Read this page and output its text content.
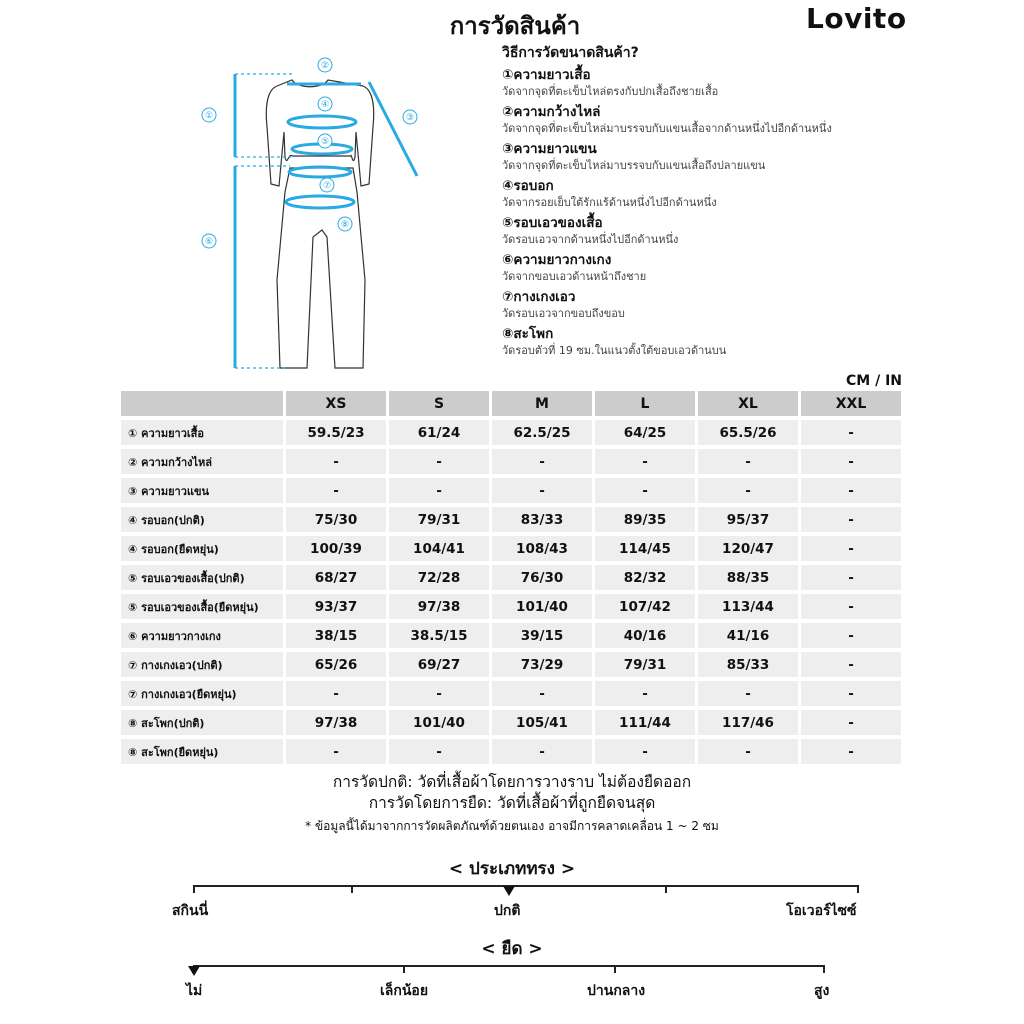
การวัดสินค้า	Lovito
①
②
③
④
⑤
⑥
⑦
⑧
วิธีการวัดขนาดสินค้า?
①ความยาวเสื้อ
วัดจากจุดที่ตะเข็บไหล่ตรงกับปกเสื้อถึงชายเสื้อ
②ความกว้างไหล่
วัดจากจุดที่ตะเข็บไหล่มาบรรจบกับแขนเสื้อจากด้านหนึ่งไปอีกด้านหนึ่ง
③ความยาวแขน
วัดจากจุดที่ตะเข็บไหล่มาบรรจบกับแขนเสื้อถึงปลายแขน
④รอบอก
วัดจากรอยเย็บใต้รักแร้ด้านหนึ่งไปอีกด้านหนึ่ง
⑤รอบเอวของเสื้อ
วัดรอบเอวจากด้านหนึ่งไปอีกด้านหนึ่ง
⑥ความยาวกางเกง
วัดจากขอบเอวด้านหน้าถึงชาย
⑦กางเกงเอว
วัดรอบเอวจากขอบถึงขอบ
⑧สะโพก
วัดรอบตัวที่ 19 ซม.ในแนวตั้งใต้ขอบเอวด้านบน
CM / IN
	XS	S	M	L	XL	XXL
① ความยาวเสื้อ	59.5/23	61/24	62.5/25	64/25	65.5/26	-
② ความกว้างไหล่	-	-	-	-	-	-
③ ความยาวแขน	-	-	-	-	-	-
④ รอบอก(ปกติ)	75/30	79/31	83/33	89/35	95/37	-
④ รอบอก(ยืดหยุ่น)	100/39	104/41	108/43	114/45	120/47	-
⑤ รอบเอวของเสื้อ(ปกติ)	68/27	72/28	76/30	82/32	88/35	-
⑤ รอบเอวของเสื้อ(ยืดหยุ่น)	93/37	97/38	101/40	107/42	113/44	-
⑥ ความยาวกางเกง	38/15	38.5/15	39/15	40/16	41/16	-
⑦ กางเกงเอว(ปกติ)	65/26	69/27	73/29	79/31	85/33	-
⑦ กางเกงเอว(ยืดหยุ่น)	-	-	-	-	-	-
⑧ สะโพก(ปกติ)	97/38	101/40	105/41	111/44	117/46	-
⑧ สะโพก(ยืดหยุ่น)	-	-	-	-	-	-
การวัดปกติ: วัดที่เสื้อผ้าโดยการวางราบ ไม่ต้องยืดออก
การวัดโดยการยืด: วัดที่เสื้อผ้าที่ถูกยืดจนสุด
* ข้อมูลนี้ได้มาจากการวัดผลิตภัณฑ์ด้วยตนเอง อาจมีการคลาดเคลื่อน 1 ~ 2 ซม
< ประเภททรง >
สกินนี่	ปกติ	โอเวอร์ไซซ์
< ยืด >
ไม่	เล็กน้อย	ปานกลาง	สูง
